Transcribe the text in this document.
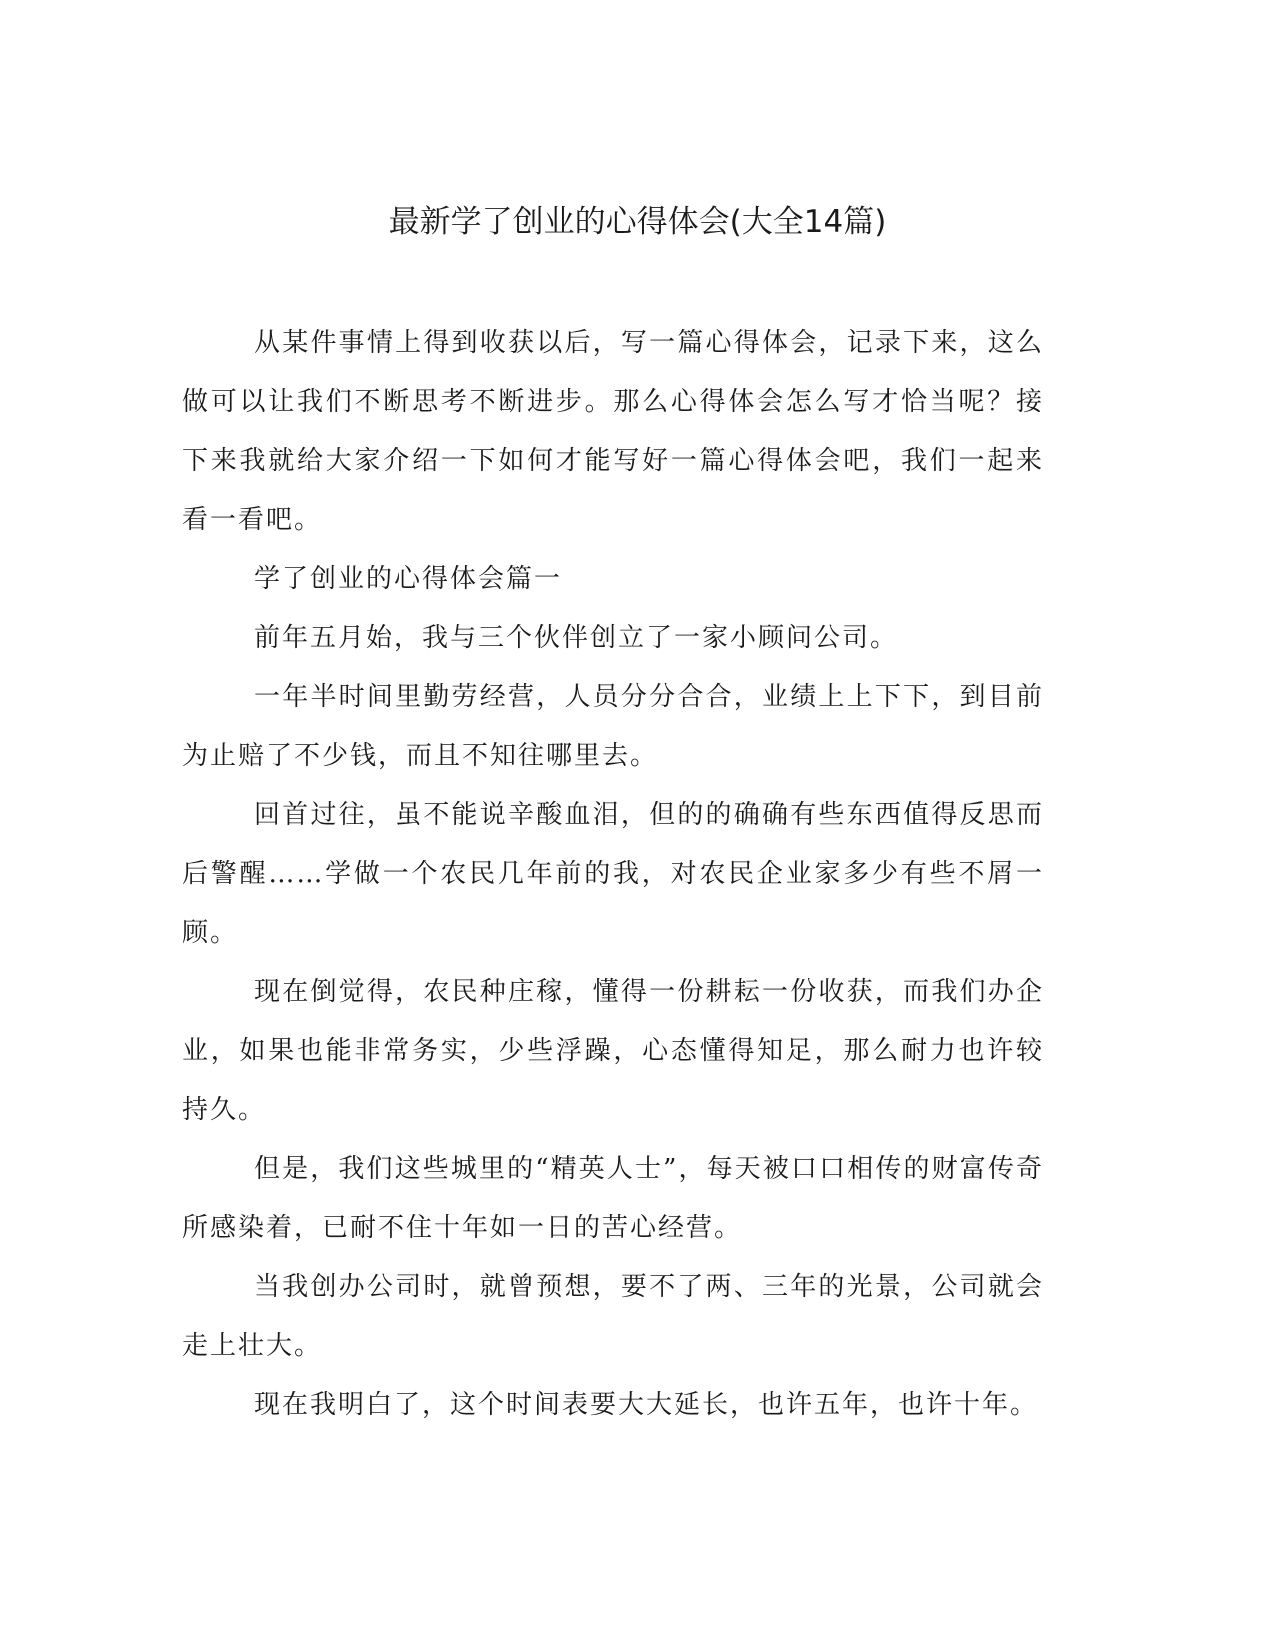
最新学了创业的心得体会(大全14篇)

从某件事情上得到收获以后，写一篇心得体会，记录下来，这么做可以让我们不断思考不断进步。那么心得体会怎么写才恰当呢？接下来我就给大家介绍一下如何才能写好一篇心得体会吧，我们一起来看一看吧。

学了创业的心得体会篇一

前年五月始，我与三个伙伴创立了一家小顾问公司。

一年半时间里勤劳经营，人员分分合合，业绩上上下下，到目前为止赔了不少钱，而且不知往哪里去。

回首过往，虽不能说辛酸血泪，但的的确确有些东西值得反思而后警醒……学做一个农民几年前的我，对农民企业家多少有些不屑一顾。

现在倒觉得，农民种庄稼，懂得一份耕耘一份收获，而我们办企业，如果也能非常务实，少些浮躁，心态懂得知足，那么耐力也许较持久。

但是，我们这些城里的“精英人士”，每天被口口相传的财富传奇所感染着，已耐不住十年如一日的苦心经营。

当我创办公司时，就曾预想，要不了两、三年的光景，公司就会走上壮大。

现在我明白了，这个时间表要大大延长，也许五年，也许十年。
